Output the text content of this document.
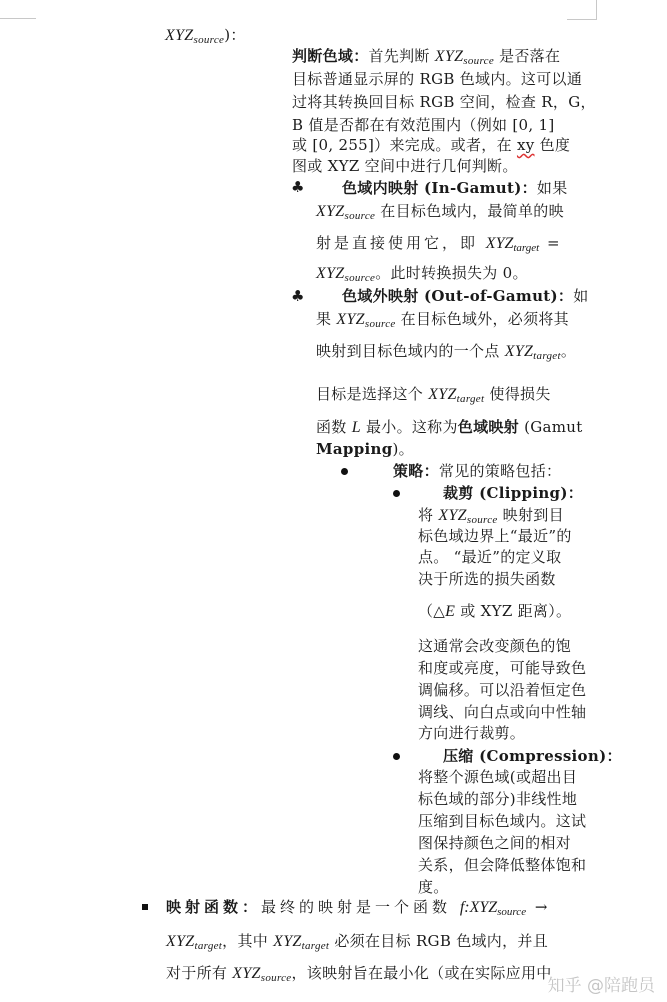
$XYZ_{source}$)：
判断色域：首先判断 $XYZ_{source}$ 是否落在
目标普通显示屏的 RGB 色域内。这可以通
过将其转换回目标 RGB 空间，检查 R，G，
B 值是否都在有效范围内（例如 [0, 1]
或 [0, 255]）来完成。或者，在 xy 色度
图或 XYZ 空间中进行几何判断。
♣	色域内映射 (In-Gamut)：如果
$XYZ_{source}$ 在目标色域内，最简单的映
射是直接使用它，即 $XYZ_{target}$ =
$XYZ_{source}$。此时转换损失为 0。
♣	色域外映射 (Out-of-Gamut)：如
果 $XYZ_{source}$ 在目标色域外，必须将其
映射到目标色域内的一个点 $XYZ_{target}$。
目标是选择这个 $XYZ_{target}$ 使得损失
函数 L 最小。这称为色域映射 (Gamut
Mapping)。
策略：常见的策略包括：
裁剪 (Clipping)：
将 $XYZ_{source}$ 映射到目
标色域边界上“最近”的
点。 “最近”的定义取
决于所选的损失函数
（△E 或 XYZ 距离）。
这通常会改变颜色的饱
和度或亮度，可能导致色
调偏移。可以沿着恒定色
调线、向白点或向中性轴
方向进行裁剪。
压缩 (Compression)：
将整个源色域(或超出目
标色域的部分)非线性地
压缩到目标色域内。这试
图保持颜色之间的相对
关系，但会降低整体饱和
度。
映射函数：最终的映射是一个函数 $f:XYZ_{source}$ →
$XYZ_{target}$，其中 $XYZ_{target}$ 必须在目标 RGB 色域内，并且
对于所有 $XYZ_{source}$，该映射旨在最小化（或在实际应用中
知乎 @陪跑员
